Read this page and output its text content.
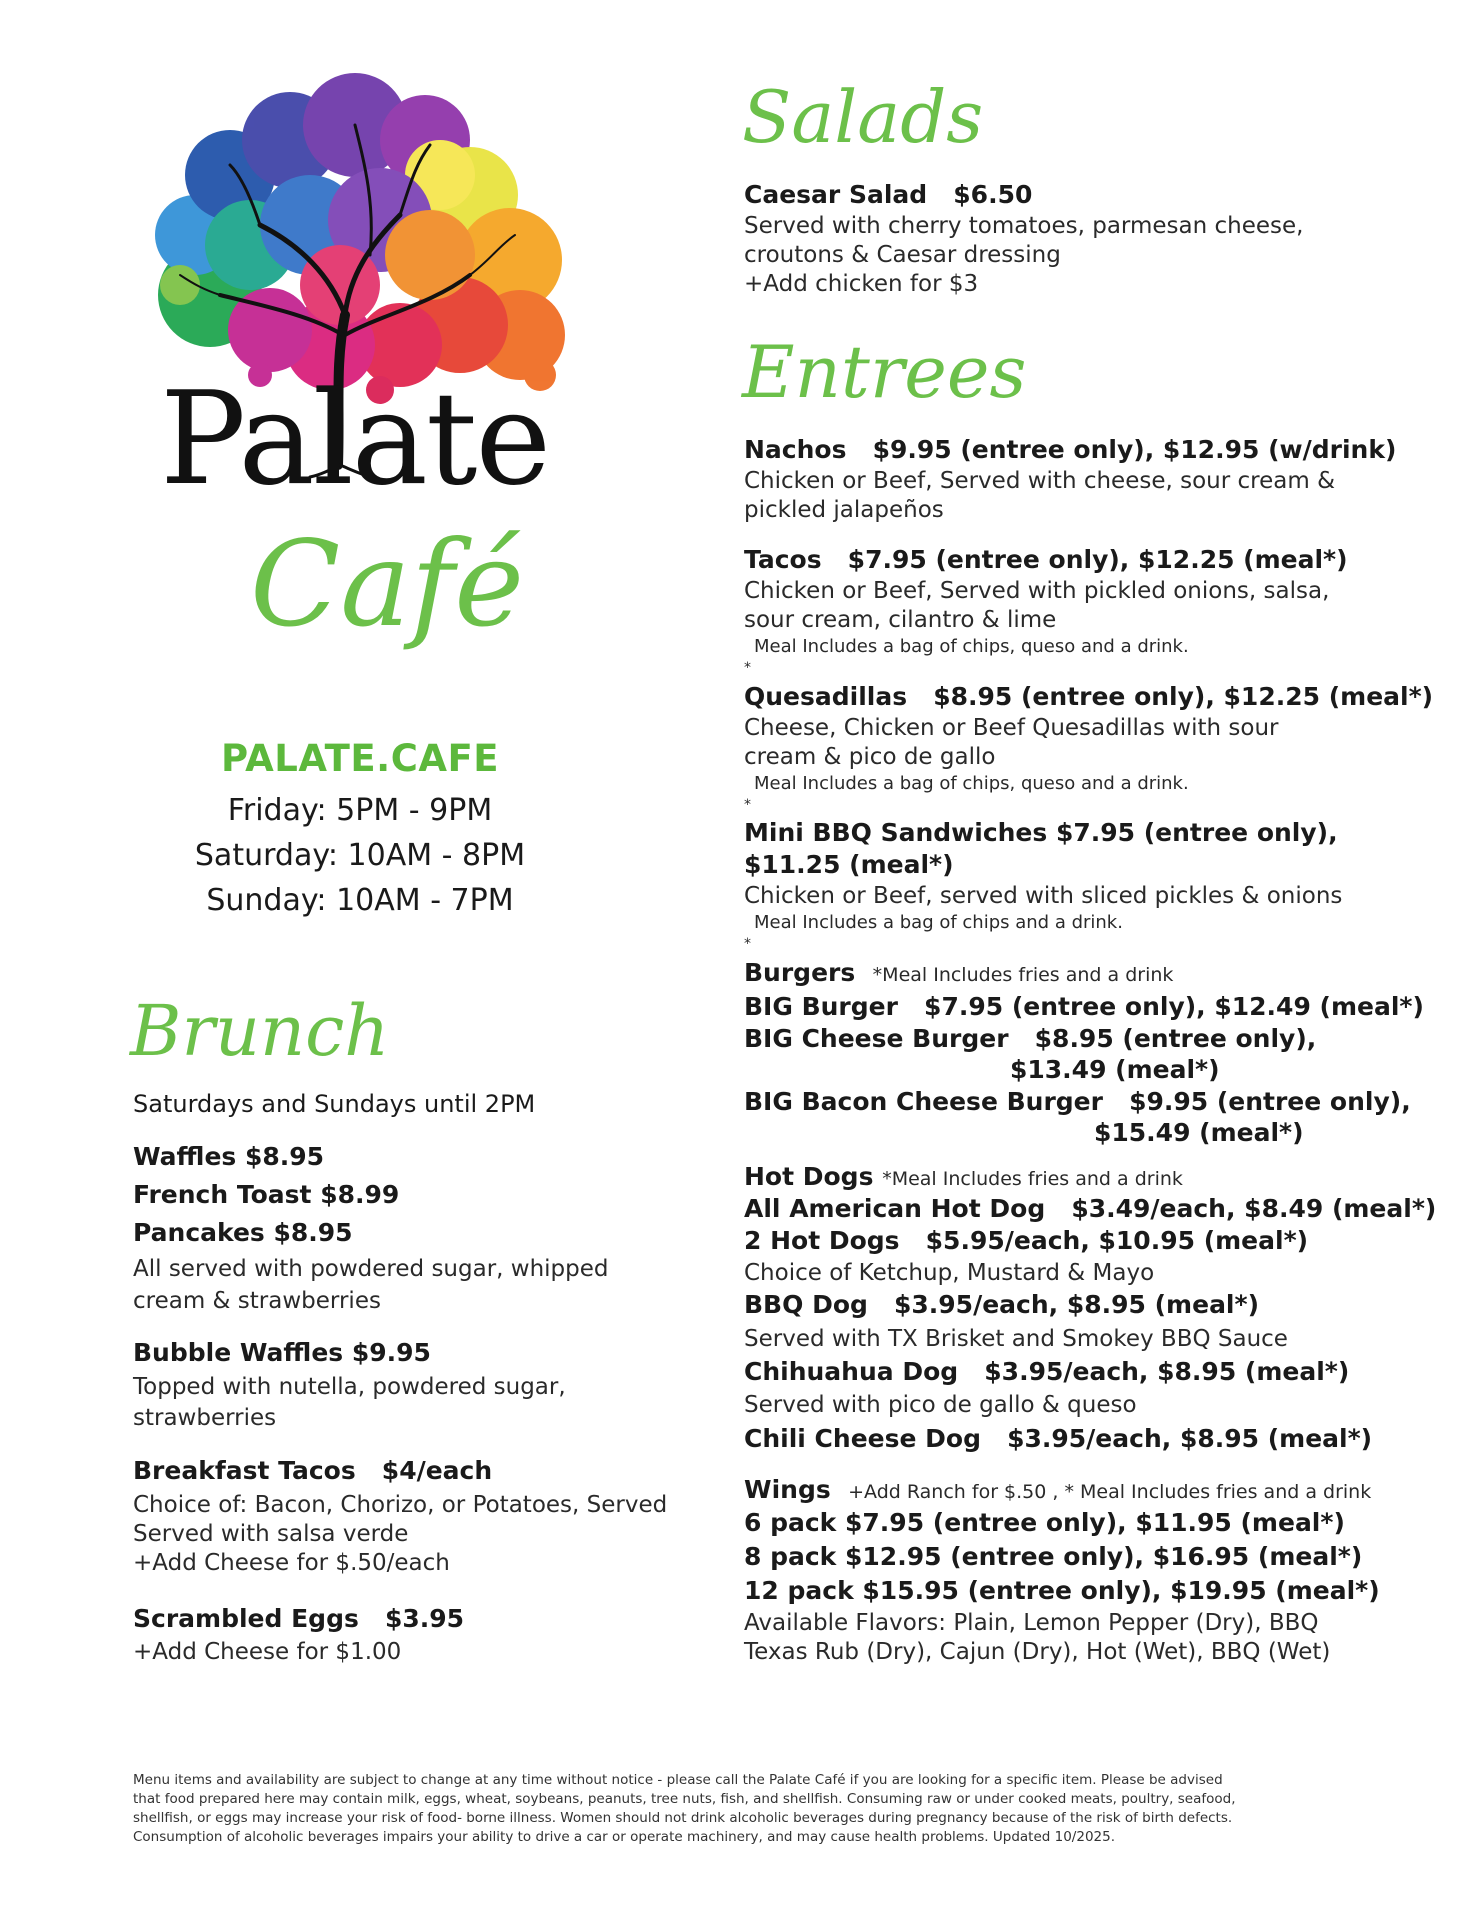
Palate
Café
PALATE.CAFE
Friday: 5PM - 9PM
Saturday: 10AM - 8PM
Sunday: 10AM - 7PM
Brunch
Saturdays and Sundays until 2PM
Waffles $8.95
French Toast $8.99
Pancakes $8.95
All served with powdered sugar, whipped
cream & strawberries
Bubble Waffles $9.95
Topped with nutella, powdered sugar,
strawberries
Breakfast Tacos   $4/each
Choice of: Bacon, Chorizo, or Potatoes, Served
Served with salsa verde
+Add Cheese for $.50/each
Scrambled Eggs   $3.95
+Add Cheese for $1.00
Salads
Caesar Salad   $6.50
Served with cherry tomatoes, parmesan cheese,
croutons & Caesar dressing
+Add chicken for $3
Entrees
Nachos   $9.95 (entree only), $12.95 (w/drink)
Chicken or Beef, Served with cheese, sour cream &
pickled jalapeños
Tacos   $7.95 (entree only), $12.25 (meal*)
Chicken or Beef, Served with pickled onions, salsa,
sour cream, cilantro & lime
Meal Includes a bag of chips, queso and a drink.
*
Quesadillas   $8.95 (entree only), $12.25 (meal*)
Cheese, Chicken or Beef Quesadillas with sour
cream & pico de gallo
Meal Includes a bag of chips, queso and a drink.
*
Mini BBQ Sandwiches $7.95 (entree only),
$11.25 (meal*)
Chicken or Beef, served with sliced pickles & onions
Meal Includes a bag of chips and a drink.
*
Burgers *Meal Includes fries and a drink
BIG Burger   $7.95 (entree only), $12.49 (meal*)
BIG Cheese Burger   $8.95 (entree only),
$13.49 (meal*)
BIG Bacon Cheese Burger   $9.95 (entree only),
$15.49 (meal*)
Hot Dogs *Meal Includes fries and a drink
All American Hot Dog   $3.49/each, $8.49 (meal*)
2 Hot Dogs   $5.95/each, $10.95 (meal*)
Choice of Ketchup, Mustard & Mayo
BBQ Dog   $3.95/each, $8.95 (meal*)
Served with TX Brisket and Smokey BBQ Sauce
Chihuahua Dog   $3.95/each, $8.95 (meal*)
Served with pico de gallo & queso
Chili Cheese Dog   $3.95/each, $8.95 (meal*)
Wings +Add Ranch for $.50 , * Meal Includes fries and a drink
6 pack $7.95 (entree only), $11.95 (meal*)
8 pack $12.95 (entree only), $16.95 (meal*)
12 pack $15.95 (entree only), $19.95 (meal*)
Available Flavors: Plain, Lemon Pepper (Dry), BBQ
Texas Rub (Dry), Cajun (Dry), Hot (Wet), BBQ (Wet)
Menu items and availability are subject to change at any time without notice - please call the Palate Café if you are looking for a specific item. Please be advised
that food prepared here may contain milk, eggs, wheat, soybeans, peanuts, tree nuts, fish, and shellfish. Consuming raw or under cooked meats, poultry, seafood,
shellfish, or eggs may increase your risk of food- borne illness. Women should not drink alcoholic beverages during pregnancy because of the risk of birth defects.
Consumption of alcoholic beverages impairs your ability to drive a car or operate machinery, and may cause health problems. Updated 10/2025.
